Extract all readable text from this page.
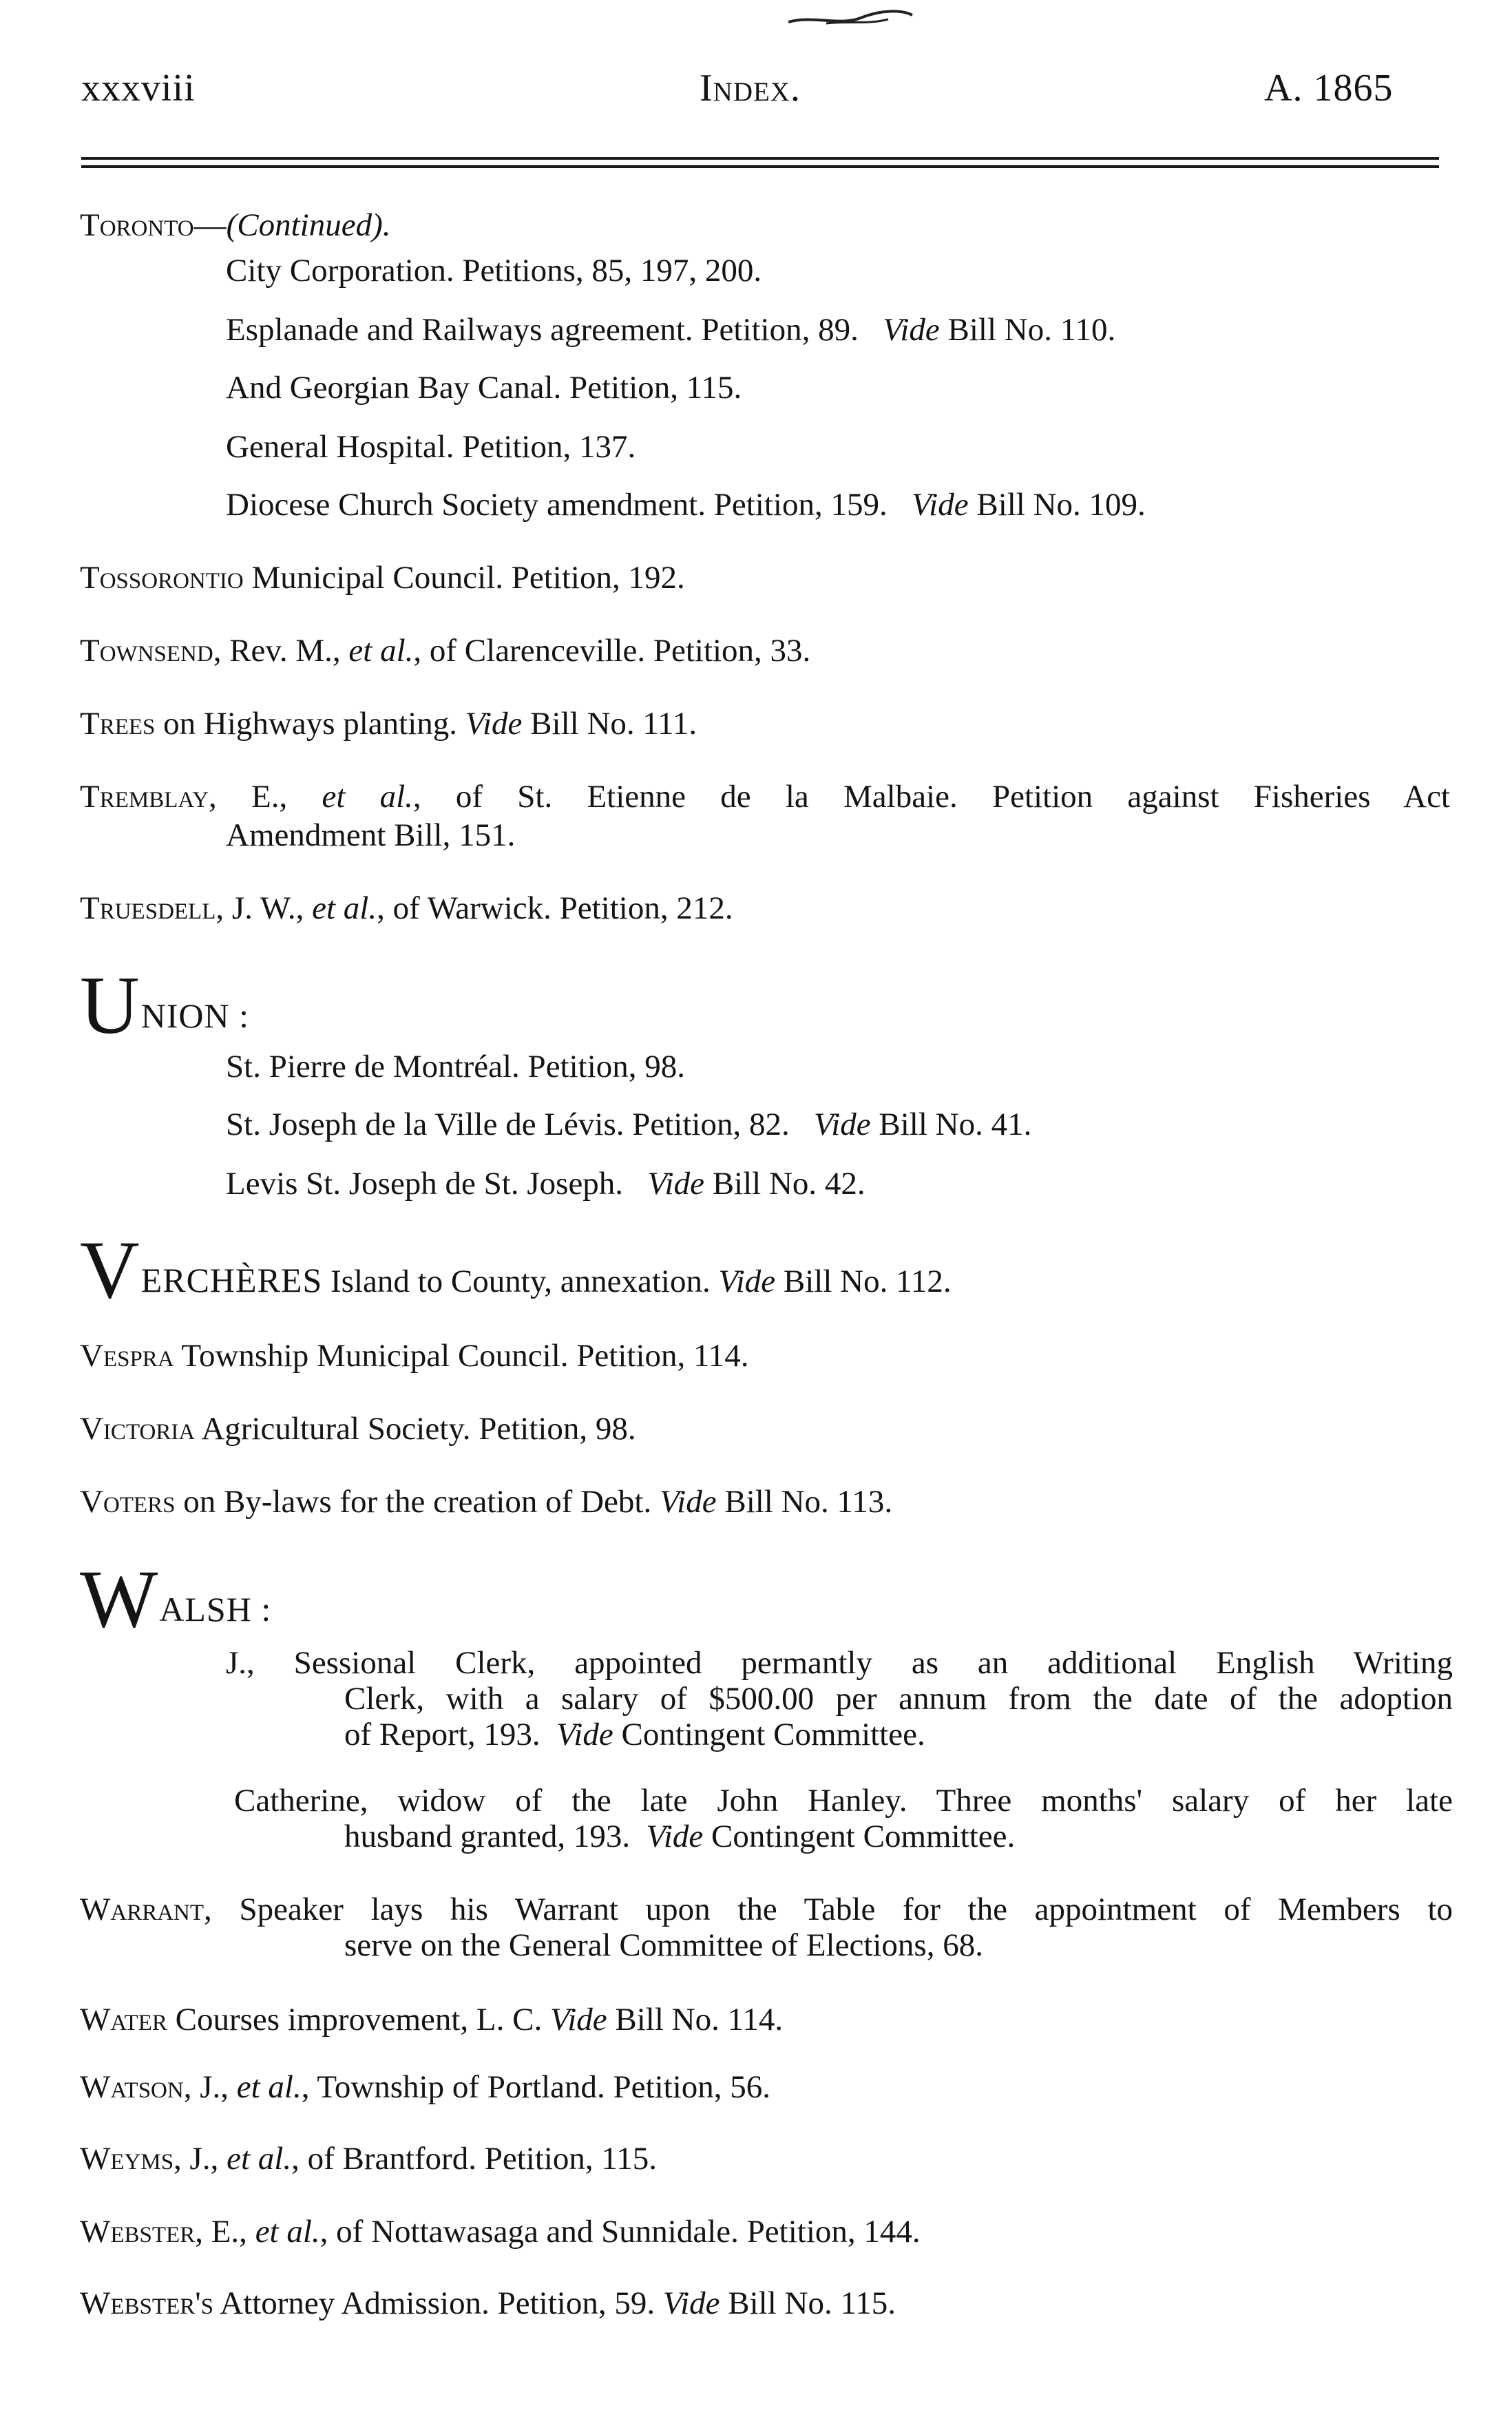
xxxviii	Index.	A. 1865
Toronto—(Continued).
City Corporation. Petitions, 85, 197, 200.
Esplanade and Railways agreement. Petition, 89. Vide Bill No. 110.
And Georgian Bay Canal. Petition, 115.
General Hospital. Petition, 137.
Diocese Church Society amendment. Petition, 159. Vide Bill No. 109.
Tossorontio Municipal Council. Petition, 192.
Townsend, Rev. M., et al., of Clarenceville. Petition, 33.
Trees on Highways planting. Vide Bill No. 111.
Tremblay, E., et al., of St. Etienne de la Malbaie. Petition against Fisheries Act
Amendment Bill, 151.
Truesdell, J. W., et al., of Warwick. Petition, 212.
UNION :
St. Pierre de Montréal. Petition, 98.
St. Joseph de la Ville de Lévis. Petition, 82. Vide Bill No. 41.
Levis St. Joseph de St. Joseph. Vide Bill No. 42.
VERCHÈRES Island to County, annexation. Vide Bill No. 112.
Vespra Township Municipal Council. Petition, 114.
Victoria Agricultural Society. Petition, 98.
Voters on By-laws for the creation of Debt. Vide Bill No. 113.
WALSH :
J., Sessional Clerk, appointed permantly as an additional English Writing
Clerk, with a salary of $500.00 per annum from the date of the adoption
of Report, 193. Vide Contingent Committee.
Catherine, widow of the late John Hanley. Three months' salary of her late
husband granted, 193. Vide Contingent Committee.
Warrant, Speaker lays his Warrant upon the Table for the appointment of Members to
serve on the General Committee of Elections, 68.
Water Courses improvement, L. C. Vide Bill No. 114.
Watson, J., et al., Township of Portland. Petition, 56.
Weyms, J., et al., of Brantford. Petition, 115.
Webster, E., et al., of Nottawasaga and Sunnidale. Petition, 144.
Webster's Attorney Admission. Petition, 59. Vide Bill No. 115.
